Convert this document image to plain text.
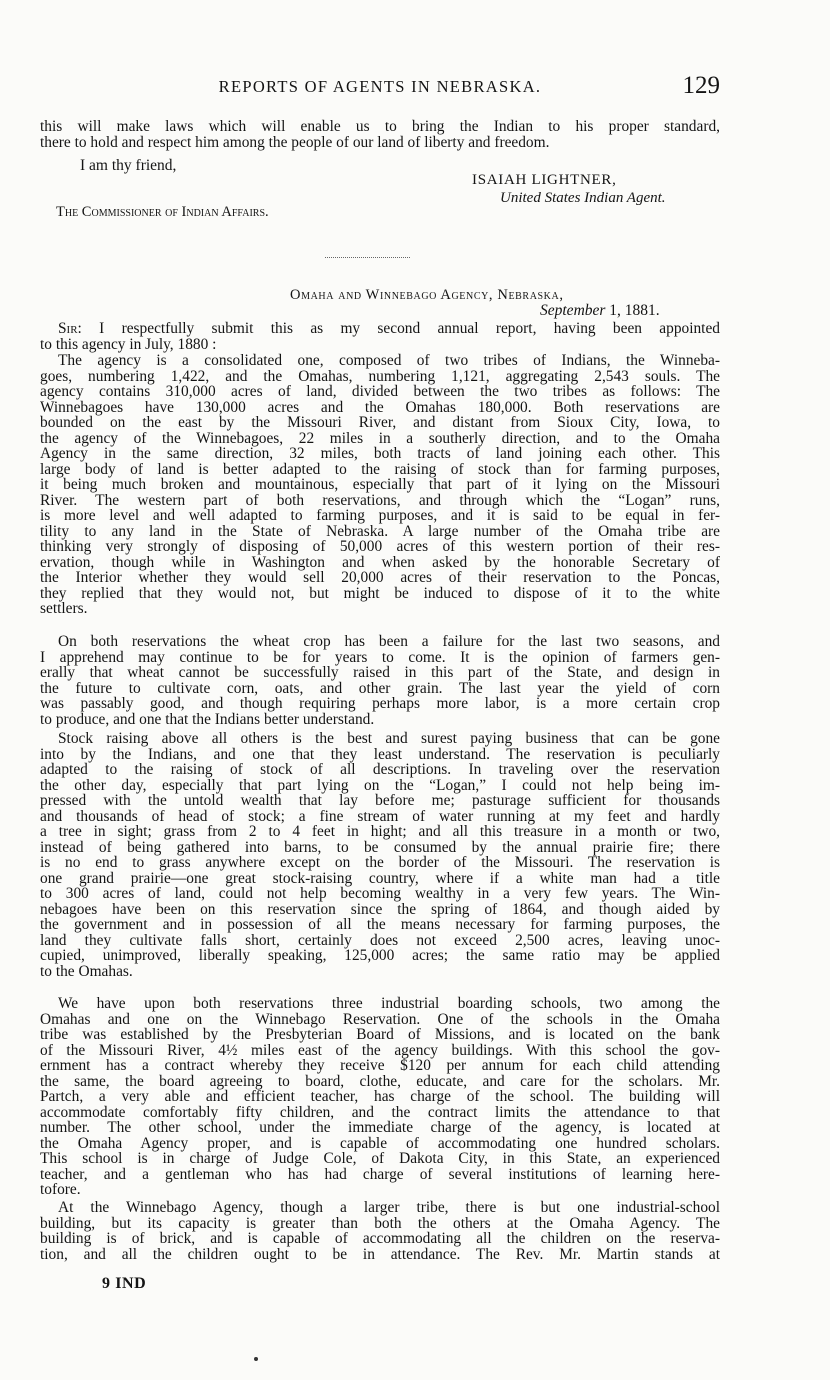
REPORTS OF AGENTS IN NEBRASKA.	129
this will make laws which will enable us to bring the Indian to his proper standard,
there to hold and respect him among the people of our land of liberty and freedom.
I am thy friend,
ISAIAH LIGHTNER,
United States Indian Agent.
The Commissioner of Indian Affairs.
Omaha and Winnebago Agency, Nebraska,
September 1, 1881.
Sir: I respectfully submit this as my second annual report, having been appointed
to this agency in July, 1880 :
The agency is a consolidated one, composed of two tribes of Indians, the Winneba-
goes, numbering 1,422, and the Omahas, numbering 1,121, aggregating 2,543 souls. The
agency contains 310,000 acres of land, divided between the two tribes as follows: The
Winnebagoes have 130,000 acres and the Omahas 180,000. Both reservations are
bounded on the east by the Missouri River, and distant from Sioux City, Iowa, to
the agency of the Winnebagoes, 22 miles in a southerly direction, and to the Omaha
Agency in the same direction, 32 miles, both tracts of land joining each other. This
large body of land is better adapted to the raising of stock than for farming purposes,
it being much broken and mountainous, especially that part of it lying on the Missouri
River. The western part of both reservations, and through which the “Logan” runs,
is more level and well adapted to farming purposes, and it is said to be equal in fer-
tility to any land in the State of Nebraska. A large number of the Omaha tribe are
thinking very strongly of disposing of 50,000 acres of this western portion of their res-
ervation, though while in Washington and when asked by the honorable Secretary of
the Interior whether they would sell 20,000 acres of their reservation to the Poncas,
they replied that they would not, but might be induced to dispose of it to the white
settlers.
On both reservations the wheat crop has been a failure for the last two seasons, and
I apprehend may continue to be for years to come. It is the opinion of farmers gen-
erally that wheat cannot be successfully raised in this part of the State, and design in
the future to cultivate corn, oats, and other grain. The last year the yield of corn
was passably good, and though requiring perhaps more labor, is a more certain crop
to produce, and one that the Indians better understand.
Stock raising above all others is the best and surest paying business that can be gone
into by the Indians, and one that they least understand. The reservation is peculiarly
adapted to the raising of stock of all descriptions. In traveling over the reservation
the other day, especially that part lying on the “Logan,” I could not help being im-
pressed with the untold wealth that lay before me; pasturage sufficient for thousands
and thousands of head of stock; a fine stream of water running at my feet and hardly
a tree in sight; grass from 2 to 4 feet in hight; and all this treasure in a month or two,
instead of being gathered into barns, to be consumed by the annual prairie fire; there
is no end to grass anywhere except on the border of the Missouri. The reservation is
one grand prairie—one great stock-raising country, where if a white man had a title
to 300 acres of land, could not help becoming wealthy in a very few years. The Win-
nebagoes have been on this reservation since the spring of 1864, and though aided by
the government and in possession of all the means necessary for farming purposes, the
land they cultivate falls short, certainly does not exceed 2,500 acres, leaving unoc-
cupied, unimproved, liberally speaking, 125,000 acres; the same ratio may be applied
to the Omahas.
We have upon both reservations three industrial boarding schools, two among the
Omahas and one on the Winnebago Reservation. One of the schools in the Omaha
tribe was established by the Presbyterian Board of Missions, and is located on the bank
of the Missouri River, 4½ miles east of the agency buildings. With this school the gov-
ernment has a contract whereby they receive $120 per annum for each child attending
the same, the board agreeing to board, clothe, educate, and care for the scholars. Mr.
Partch, a very able and efficient teacher, has charge of the school. The building will
accommodate comfortably fifty children, and the contract limits the attendance to that
number. The other school, under the immediate charge of the agency, is located at
the Omaha Agency proper, and is capable of accommodating one hundred scholars.
This school is in charge of Judge Cole, of Dakota City, in this State, an experienced
teacher, and a gentleman who has had charge of several institutions of learning here-
tofore.
At the Winnebago Agency, though a larger tribe, there is but one industrial-school
building, but its capacity is greater than both the others at the Omaha Agency. The
building is of brick, and is capable of accommodating all the children on the reserva-
tion, and all the children ought to be in attendance. The Rev. Mr. Martin stands at
9 IND
